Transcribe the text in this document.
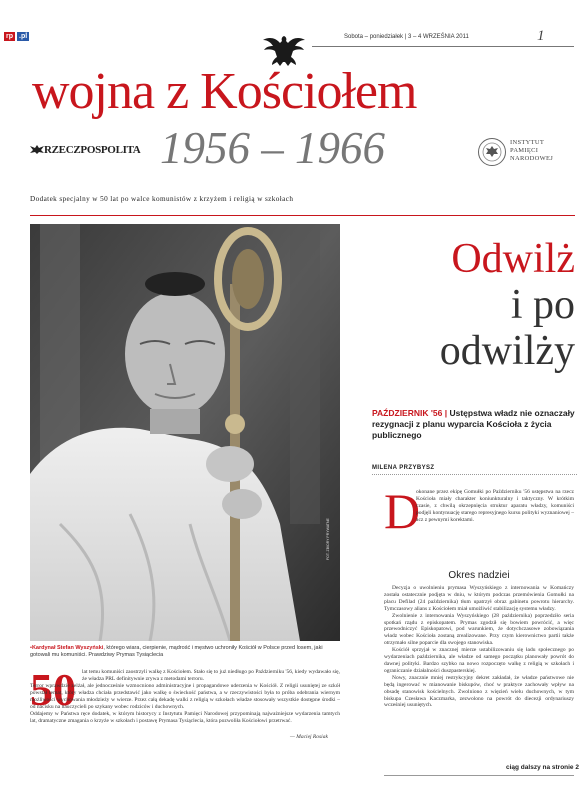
rp .pl	Sobota – poniedziałek | 3 – 4 WRZEŚNIA 2011	1
wojna z Kościołem
1956 – 1966
RZECZPOSPOLITA
INSTYTUT
PAMIĘCI
NARODOWEJ
Dodatek specjalny w 50 lat po walce komunistów z krzyżem i religią w szkołach
FOT. ZBIORY PRYWATNE
•Kardynał Stefan Wyszyński, którego wiara, cierpienie, mądrość i męstwo uchroniły Kościół w Polsce przed losem, jaki gotowali mu komuniści. Prawdziwy Prymas Tysiąclecia
Odwilż
i po
odwilży
PAŹDZIERNIK '56 | Ustępstwa władz nie oznaczały rezygnacji z planu wyparcia Kościoła z życia publicznego
MILENA PRZYBYSZ
D
okonane przez ekipę Gomułki po Październiku '56 ustępstwa na rzecz Kościoła miały charakter koniunkturalny i taktyczny. W krótkim czasie, z chwilą okrzepnięcia struktur aparatu władzy, komuniści podjęli kontynuację starego represyjnego kursu polityki wyznaniowej – acz z pewnymi korektami.
Okres nadziei

Decyzja o uwolnieniu prymasa Wyszyńskiego z internowania w Komańczy została ostatecznie podjęta w dniu, w którym podczas przemówienia Gomułki na placu Defilad (24 października) tłum upatrzył obraz gabinetu powrotu hierarchy. Tymczasowy alians z Kościołem miał umożliwić stabilizację systemu władzy.

Zwolnienie z internowania Wyszyńskiego (28 października) poprzedziło seria spotkań rządu z episkopatem. Prymas zgodził się bowiem powrócić, a więc przewodniczyć Episkopatowi, pod warunkiem, że dotychczasowe zobowiązania władz wobec Kościoła zostaną zrealizowane. Przy czym kierownictwo partii także otrzymało silne poparcie dla swojego stanowiska.

Kościół sprzyjał w znacznej mierze ustabilizowaniu się ładu społecznego po wydarzeniach października, ale władze od samego początku planowały powrót do dawnej polityki. Bardzo szybko na nowo rozpoczęto walkę z religią w szkołach i ograniczanie działalności duszpasterskiej.

Nowy, znacznie mniej restrykcyjny dekret zakładał, że władze państwowe nie będą ingerować w mianowanie biskupów, choć w praktyce zachowały wpływ na obsadę stanowisk kościelnych. Zwolniono z więzień wielu duchownych, w tym biskupa Czesława Kaczmarka, zezwolono na powrót do diecezji ordynariuszy wcześniej usuniętych.

ciąg dalszy na stronie 2
50	lat temu komuniści zaostrzyli walkę z Kościołem. Stało się to już niedługo po Październiku '56, kiedy wydawało się, że władza PRL definitywnie zrywa z metodami terroru.

Terror wprawdzie zelżał, ale jednocześnie wzmocniono administracyjne i propagandowe uderzenia w Kościół. Z religii usuniętej ze szkół powstał temat, który władza chciała przedstawić jako walkę o świeckość państwa, a w rzeczywistości była to próba odebrania wiernym możliwości wychowania młodzieży w wierze. Przez całą dekadę walki z religią w szkołach władze stosowały wszystkie dostępne środki – od nacisku na nauczycieli po szykany wobec rodziców i duchownych.

Oddajemy w Państwa ręce dodatek, w którym historycy z Instytutu Pamięci Narodowej przypominają najważniejsze wydarzenia tamtych lat, dramatyczne zmagania o krzyże w szkołach i postawę Prymasa Tysiąclecia, która pozwoliła Kościołowi przetrwać.

— Maciej Rosiak
